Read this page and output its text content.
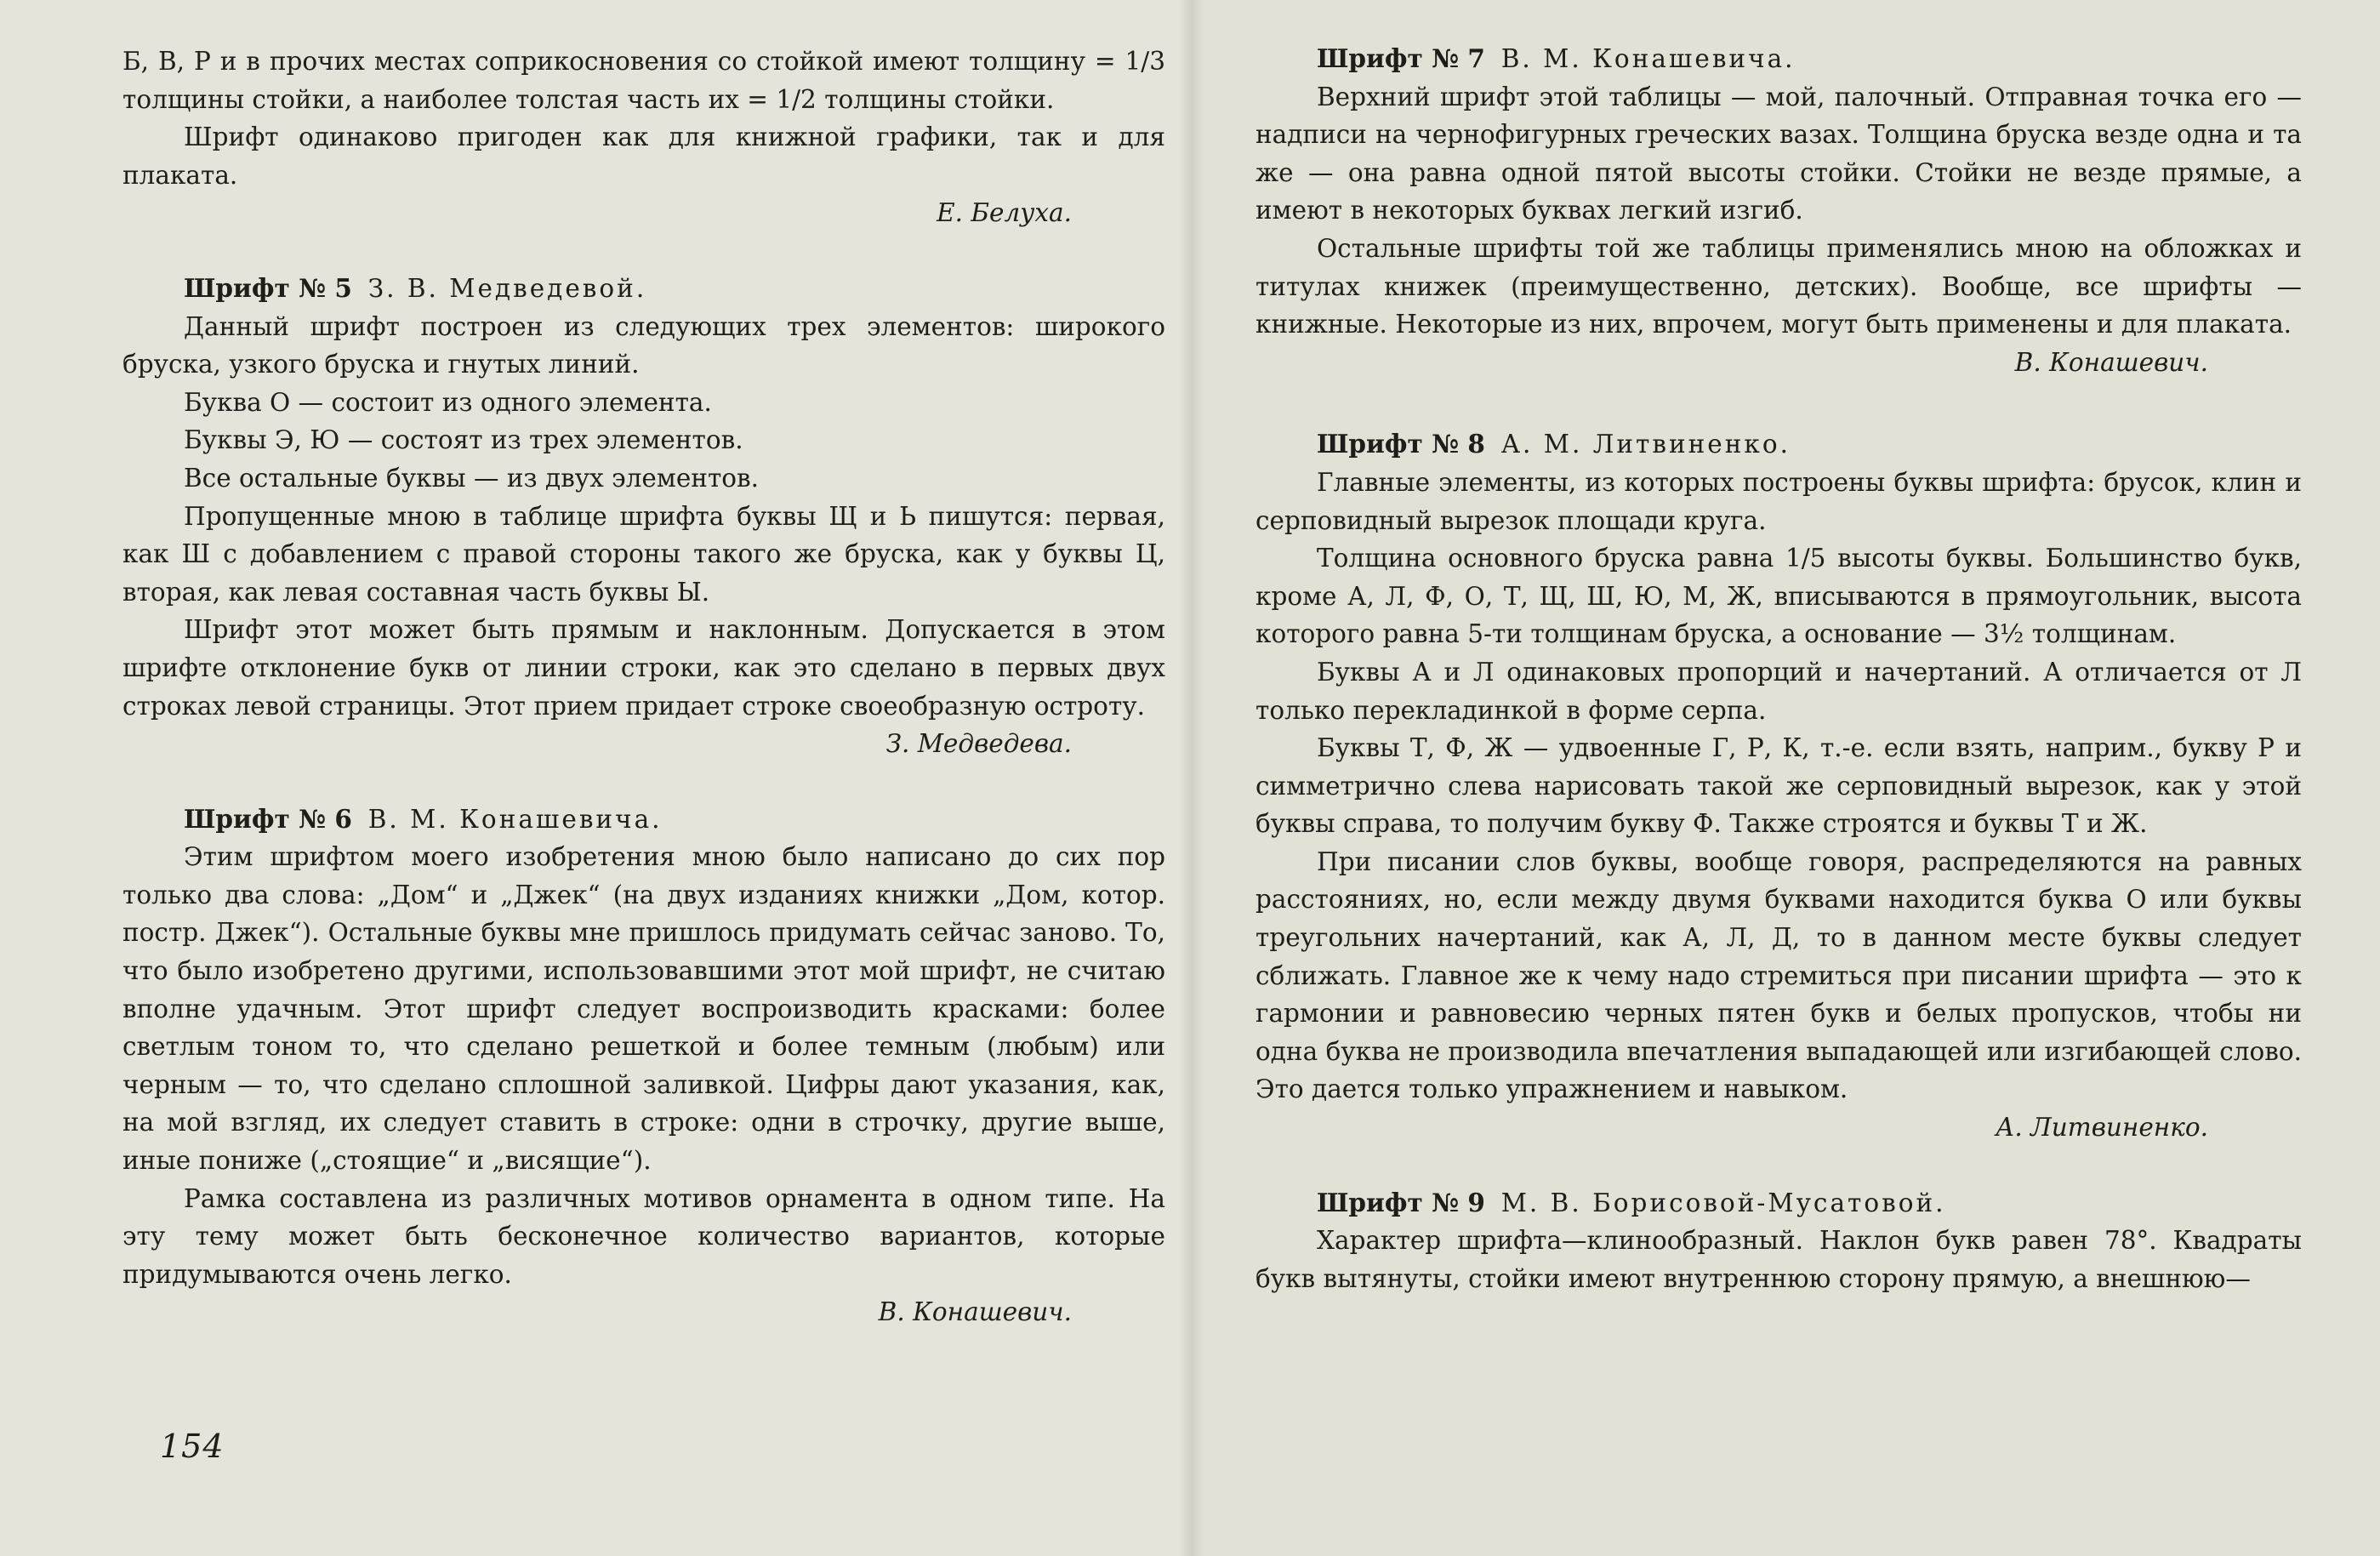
Б, В, Р и в прочих местах соприкосновения со стойкой имеют толщину = 1/3 толщины стойки, а наиболее толстая часть их = 1/2 толщины стойки.

Шрифт одинаково пригоден как для книжной графики, так и для плаката.

Е. Белуха.

Шрифт № 5 З. В. Медведевой.

Данный шрифт построен из следующих трех элементов: широкого бруска, узкого бруска и гнутых линий.

Буква О — состоит из одного элемента.

Буквы Э, Ю — состоят из трех элементов.

Все остальные буквы — из двух элементов.

Пропущенные мною в таблице шрифта буквы Щ и Ь пишутся: первая, как Ш с добавлением с правой стороны такого же бруска, как у буквы Ц, вторая, как левая составная часть буквы Ы.

Шрифт этот может быть прямым и наклонным. Допускается в этом шрифте отклонение букв от линии строки, как это сделано в первых двух строках левой страницы. Этот прием придает строке своеобразную остроту.

З. Медведева.

Шрифт № 6 В. М. Конашевича.

Этим шрифтом моего изобретения мною было написано до сих пор только два слова: „Дом“ и „Джек“ (на двух изданиях книжки „Дом, котор. постр. Джек“). Остальные буквы мне пришлось придумать сейчас заново. То, что было изобретено другими, использовавшими этот мой шрифт, не считаю вполне удачным. Этот шрифт следует воспроизводить красками: более светлым тоном то, что сделано решеткой и более темным (любым) или черным — то, что сделано сплошной заливкой. Цифры дают указания, как, на мой взгляд, их следует ставить в строке: одни в строчку, другие выше, иные пониже („стоящие“ и „висящие“).

Рамка составлена из различных мотивов орнамента в одном типе. На эту тему может быть бесконечное количество вариантов, которые придумываются очень легко.

В. Конашевич.

154

Шрифт № 7 В. М. Конашевича.

Верхний шрифт этой таблицы — мой, палочный. Отправная точка его — надписи на чернофигурных греческих вазах. Толщина бруска везде одна и та же — она равна одной пятой высоты стойки. Стойки не везде прямые, а имеют в некоторых буквах легкий изгиб.

Остальные шрифты той же таблицы применялись мною на обложках и титулах книжек (преимущественно, детских). Вообще, все шрифты — книжные. Некоторые из них, впрочем, могут быть применены и для плаката.

В. Конашевич.

Шрифт № 8 А. М. Литвиненко.

Главные элементы, из которых построены буквы шрифта: брусок, клин и серповидный вырезок площади круга.

Толщина основного бруска равна 1/5 высоты буквы. Большинство букв, кроме А, Л, Ф, О, Т, Щ, Ш, Ю, М, Ж, вписываются в прямоугольник, высота которого равна 5-ти толщинам бруска, а основание — 3½ толщинам.

Буквы А и Л одинаковых пропорций и начертаний. А отличается от Л только перекладинкой в форме серпа.

Буквы Т, Ф, Ж — удвоенные Г, Р, К, т.-е. если взять, наприм., букву Р и симметрично слева нарисовать такой же серповидный вырезок, как у этой буквы справа, то получим букву Ф. Также строятся и буквы Т и Ж.

При писании слов буквы, вообще говоря, распределяются на равных расстояниях, но, если между двумя буквами находится буква О или буквы треугольних начертаний, как А, Л, Д, то в данном месте буквы следует сближать. Главное же к чему надо стремиться при писании шрифта — это к гармонии и равновесию черных пятен букв и белых пропусков, чтобы ни одна буква не производила впечатления выпадающей или изгибающей слово. Это дается только упражнением и навыком.

А. Литвиненко.

Шрифт № 9 М. В. Борисовой-Мусатовой.

Характер шрифта—клинообразный. Наклон букв равен 78°. Квадраты букв вытянуты, стойки имеют внутреннюю сторону прямую, а внешнюю—
